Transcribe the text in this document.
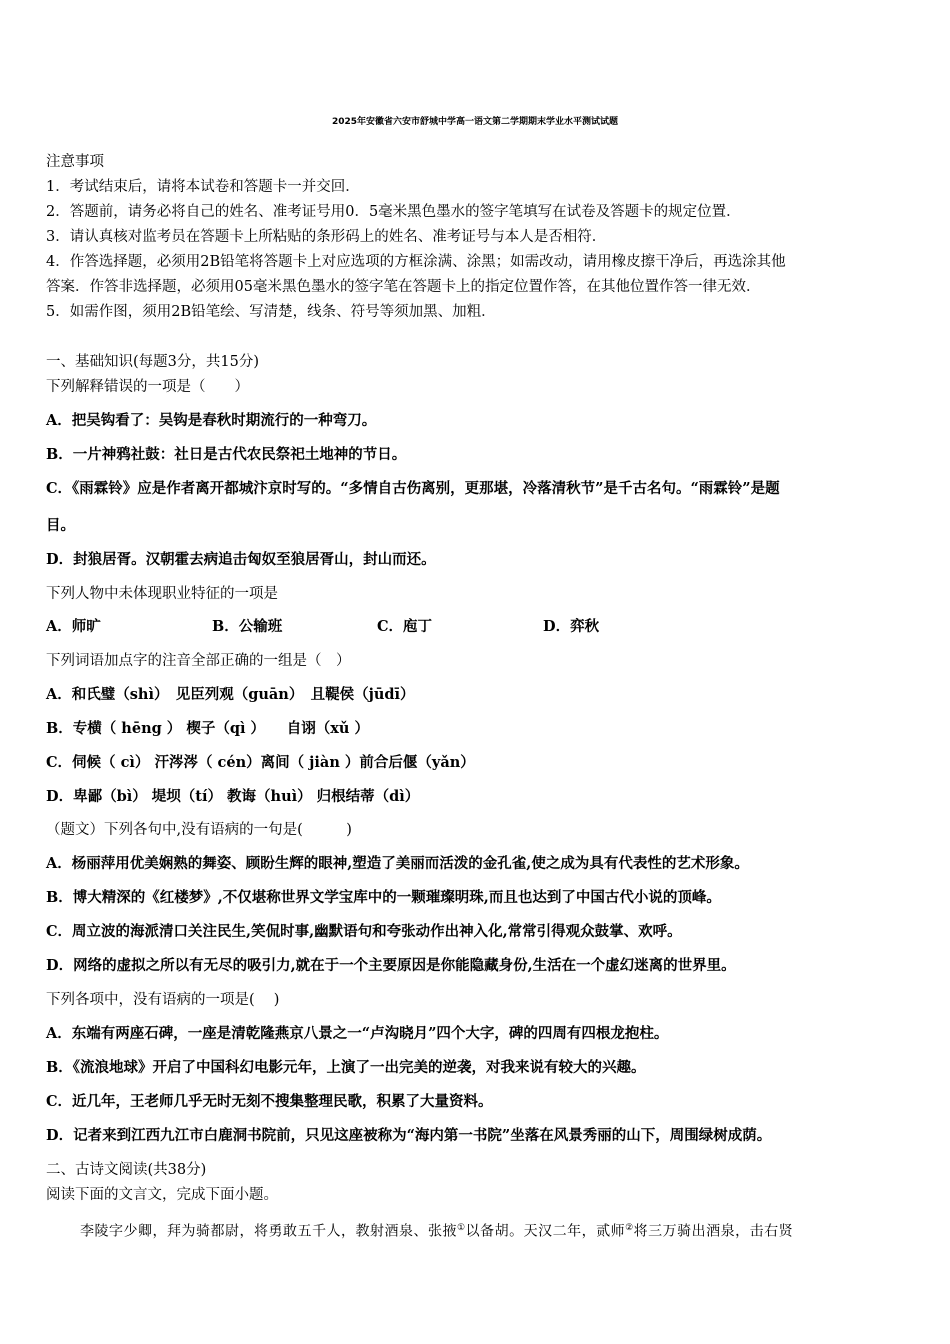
2025年安徽省六安市舒城中学高一语文第二学期期末学业水平测试试题
注意事项
1．考试结束后，请将本试卷和答题卡一并交回．
2．答题前，请务必将自己的姓名、准考证号用0．5毫米黑色墨水的签字笔填写在试卷及答题卡的规定位置．
3．请认真核对监考员在答题卡上所粘贴的条形码上的姓名、准考证号与本人是否相符．
4．作答选择题，必须用2B铅笔将答题卡上对应选项的方框涂满、涂黑；如需改动，请用橡皮擦干净后，再选涂其他
答案．作答非选择题，必须用05毫米黑色墨水的签字笔在答题卡上的指定位置作答，在其他位置作答一律无效．
5．如需作图，须用2B铅笔绘、写清楚，线条、符号等须加黑、加粗．
一、基础知识(每题3分，共15分)
下列解释错误的一项是（　　）
A．把吴钩看了：吴钩是春秋时期流行的一种弯刀。
B．一片神鸦社鼓：社日是古代农民祭祀土地神的节日。
C．《雨霖铃》应是作者离开都城汴京时写的。“多情自古伤离别，更那堪，冷落清秋节”是千古名句。“雨霖铃”是题
目。
D．封狼居胥。汉朝霍去病追击匈奴至狼居胥山，封山而还。
下列人物中未体现职业特征的一项是
A．师旷	B．公输班	C．庖丁	D．弈秋
下列词语加点字的注音全部正确的一组是（　）
A．和氏璧（shì）　见臣列观（guān）　且鞮侯（jūdī）
B．专横（ hēng ） 楔子（qì ）　　自诩（xǔ ）
C．伺候（ cì） 汗涔涔（ cén）离间（ jiàn ）前合后偃（yǎn）
D．卑鄙（bì） 堤坝（tí） 教诲（huì） 归根结蒂（dì）
（题文）下列各句中,没有语病的一句是(　　　)
A．杨丽萍用优美娴熟的舞姿、顾盼生辉的眼神,塑造了美丽而活泼的金孔雀,使之成为具有代表性的艺术形象。
B．博大精深的《红楼梦》,不仅堪称世界文学宝库中的一颗璀璨明珠,而且也达到了中国古代小说的顶峰。
C．周立波的海派清口关注民生,笑侃时事,幽默语句和夸张动作出神入化,常常引得观众鼓掌、欢呼。
D．网络的虚拟之所以有无尽的吸引力,就在于一个主要原因是你能隐藏身份,生活在一个虚幻迷离的世界里。
下列各项中，没有语病的一项是(　 )
A．东端有两座石碑，一座是清乾隆燕京八景之一“卢沟晓月”四个大字，碑的四周有四根龙抱柱。
B．《流浪地球》开启了中国科幻电影元年，上演了一出完美的逆袭，对我来说有较大的兴趣。
C．近几年，王老师几乎无时无刻不搜集整理民歌，积累了大量资料。
D．记者来到江西九江市白鹿洞书院前，只见这座被称为“海内第一书院”坐落在风景秀丽的山下，周围绿树成荫。
二、古诗文阅读(共38分)
阅读下面的文言文，完成下面小题。
李陵字少卿，拜为骑都尉，将勇敢五千人，教射酒泉、张掖①以备胡。天汉二年，贰师②将三万骑出酒泉，击右贤
